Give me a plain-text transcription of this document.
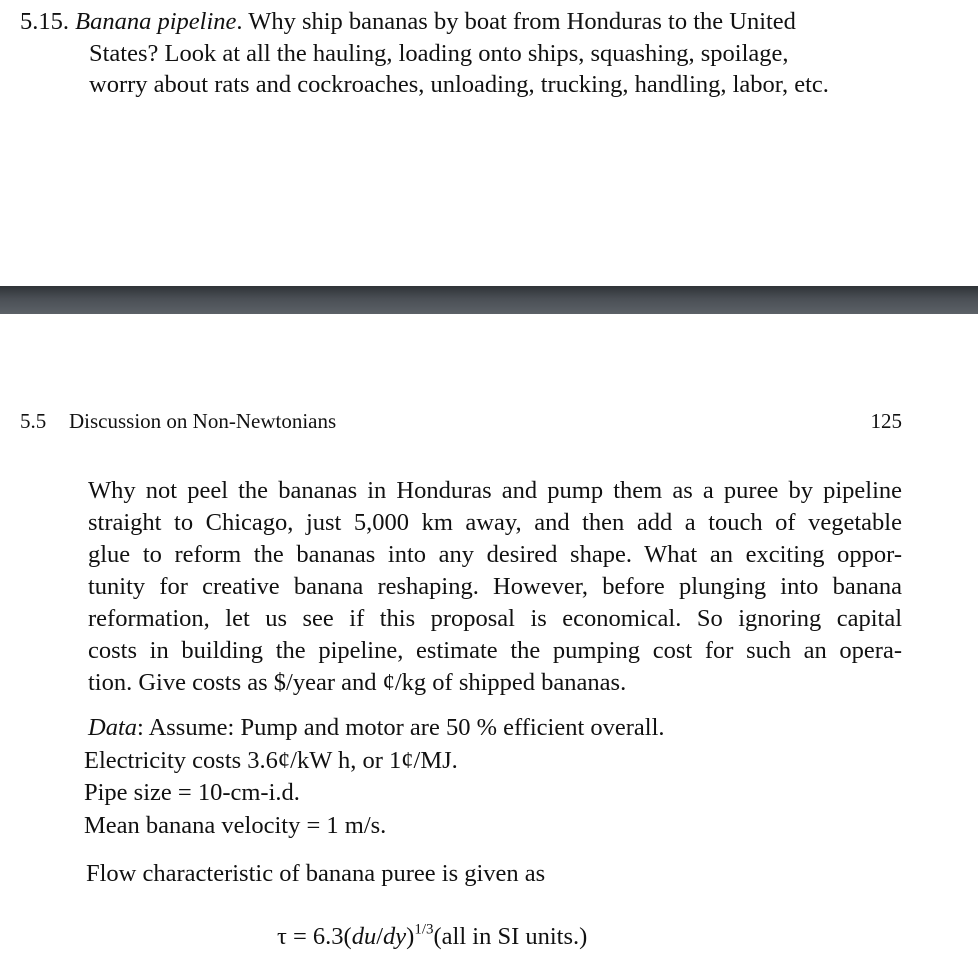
5.15. Banana pipeline. Why ship bananas by boat from Honduras to the United
States? Look at all the hauling, loading onto ships, squashing, spoilage,
worry about rats and cockroaches, unloading, trucking, handling, labor, etc.
5.5 Discussion on Non-Newtonians	125
Why not peel the bananas in Honduras and pump them as a puree by pipeline
straight to Chicago, just 5,000 km away, and then add a touch of vegetable
glue to reform the bananas into any desired shape. What an exciting oppor-
tunity for creative banana reshaping. However, before plunging into banana
reformation, let us see if this proposal is economical. So ignoring capital
costs in building the pipeline, estimate the pumping cost for such an opera-
tion. Give costs as $/year and ¢/kg of shipped bananas.
Data: Assume: Pump and motor are 50 % efficient overall.
Electricity costs 3.6¢/kW h, or 1¢/MJ.
Pipe size = 10-cm-i.d.
Mean banana velocity = 1 m/s.
Flow characteristic of banana puree is given as
$\tau = 6.3(du/dy)^{1/3}(all$ in SI units.)
